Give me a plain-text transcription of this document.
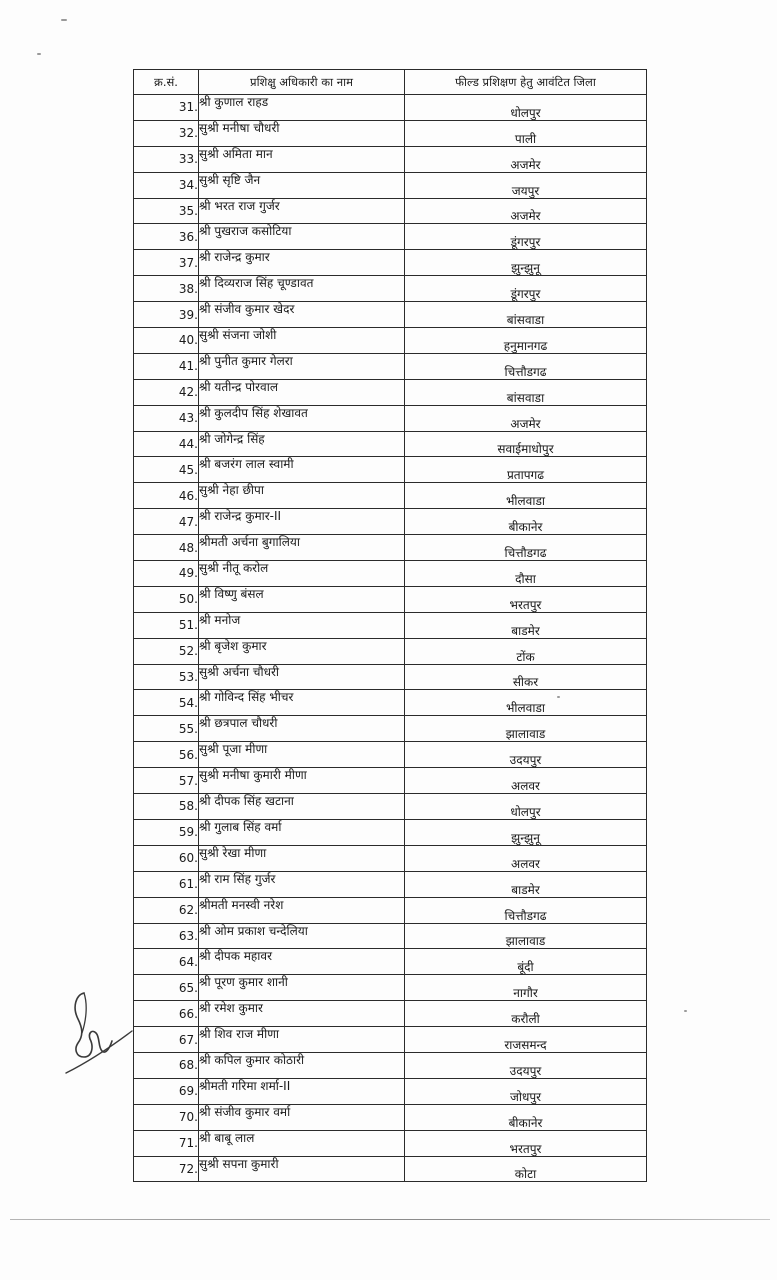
क्र.सं.	प्रशिक्षु अधिकारी का नाम	फील्ड प्रशिक्षण हेतु आवंटित जिला
31.	श्री कुणाल राहड	धोलपुर
32.	सुश्री मनीषा चौधरी	पाली
33.	सुश्री अमिता मान	अजमेर
34.	सुश्री सृष्टि जैन	जयपुर
35.	श्री भरत राज गुर्जर	अजमेर
36.	श्री पुखराज कसोटिया	डूंगरपुर
37.	श्री राजेन्द्र कुमार	झुन्झुनू
38.	श्री दिव्यराज सिंह चूण्डावत	डूंगरपुर
39.	श्री संजीव कुमार खेदर	बांसवाडा
40.	सुश्री संजना जोशी	हनुमानगढ
41.	श्री पुनीत कुमार गेलरा	चित्तौडगढ
42.	श्री यतीन्द्र पोरवाल	बांसवाडा
43.	श्री कुलदीप सिंह शेखावत	अजमेर
44.	श्री जोगेन्द्र सिंह	सवाईमाधोपुर
45.	श्री बजरंग लाल स्वामी	प्रतापगढ
46.	सुश्री नेहा छीपा	भीलवाडा
47.	श्री राजेन्द्र कुमार-II	बीकानेर
48.	श्रीमती अर्चना बुगालिया	चित्तौडगढ
49.	सुश्री नीतू करोल	दौसा
50.	श्री विष्णु बंसल	भरतपुर
51.	श्री मनोज	बाडमेर
52.	श्री बृजेश कुमार	टोंक
53.	सुश्री अर्चना चौधरी	सीकर
54.	श्री गोविन्द सिंह भीचर	भीलवाडा
55.	श्री छत्रपाल चौधरी	झालावाड
56.	सुश्री पूजा मीणा	उदयपुर
57.	सुश्री मनीषा कुमारी मीणा	अलवर
58.	श्री दीपक सिंह खटाना	धोलपुर
59.	श्री गुलाब सिंह वर्मा	झुन्झुनू
60.	सुश्री रेखा मीणा	अलवर
61.	श्री राम सिंह गुर्जर	बाडमेर
62.	श्रीमती मनस्वी नरेश	चित्तौडगढ
63.	श्री ओम प्रकाश चन्देलिया	झालावाड
64.	श्री दीपक महावर	बूंदी
65.	श्री पूरण कुमार शानी	नागौर
66.	श्री रमेश कुमार	करौली
67.	श्री शिव राज मीणा	राजसमन्द
68.	श्री कपिल कुमार कोठारी	उदयपुर
69.	श्रीमती गरिमा शर्मा-II	जोधपुर
70.	श्री संजीव कुमार वर्मा	बीकानेर
71.	श्री बाबू लाल	भरतपुर
72.	सुश्री सपना कुमारी	कोटा
